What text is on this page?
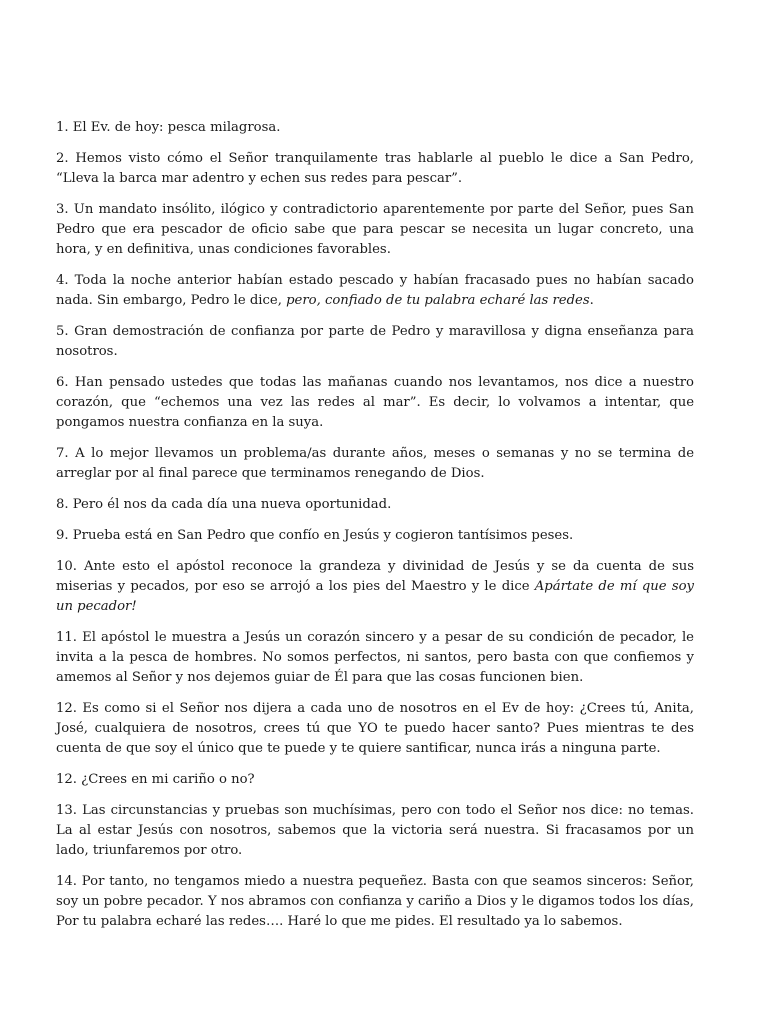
1. El Ev. de hoy: pesca milagrosa.

2. Hemos visto cómo el Señor tranquilamente tras hablarle al pueblo le dice a San Pedro, “Lleva la barca mar adentro y echen sus redes para pescar”.

3. Un mandato insólito, ilógico y contradictorio aparentemente por parte del Señor, pues San Pedro que era pescador de oficio sabe que para pescar se necesita un lugar concreto, una hora, y en definitiva, unas condiciones favorables.

4. Toda la noche anterior habían estado pescado y habían fracasado pues no habían sacado nada. Sin embargo, Pedro le dice, pero, confiado de tu palabra echaré las redes.

5. Gran demostración de confianza por parte de Pedro y maravillosa y digna enseñanza para nosotros.

6. Han pensado ustedes que todas las mañanas cuando nos levantamos, nos dice a nuestro corazón, que “echemos una vez las redes al mar”. Es decir, lo volvamos a intentar, que pongamos nuestra confianza en la suya.

7. A lo mejor llevamos un problema/as durante años, meses o semanas y no se termina de arreglar por al final parece que terminamos renegando de Dios.

8. Pero él nos da cada día una nueva oportunidad.

9. Prueba está en San Pedro que confío en Jesús y cogieron tantísimos peses.

10. Ante esto el apóstol reconoce la grandeza y divinidad de Jesús y se da cuenta de sus miserias y pecados, por eso se arrojó a los pies del Maestro y le dice Apártate de mí que soy un pecador!

11. El apóstol le muestra a Jesús un corazón sincero y a pesar de su condición de pecador, le invita a la pesca de hombres. No somos perfectos, ni santos, pero basta con que confiemos y amemos al Señor y nos dejemos guiar de Él para que las cosas funcionen bien.

12. Es como si el Señor nos dijera a cada uno de nosotros en el Ev de hoy: ¿Crees tú, Anita, José, cualquiera de nosotros, crees tú que YO te puedo hacer santo? Pues mientras te des cuenta de que soy el único que te puede y te quiere santificar, nunca irás a ninguna parte.

12. ¿Crees en mi cariño o no?

13. Las circunstancias y pruebas son muchísimas, pero con todo el Señor nos dice: no temas. La al estar Jesús con nosotros, sabemos que la victoria será nuestra. Si fracasamos por un lado, triunfaremos por otro.

14. Por tanto, no tengamos miedo a nuestra pequeñez. Basta con que seamos sinceros: Señor, soy un pobre pecador. Y nos abramos con confianza y cariño a Dios y le digamos todos los días, Por tu palabra echaré las redes…. Haré lo que me pides. El resultado ya lo sabemos.
